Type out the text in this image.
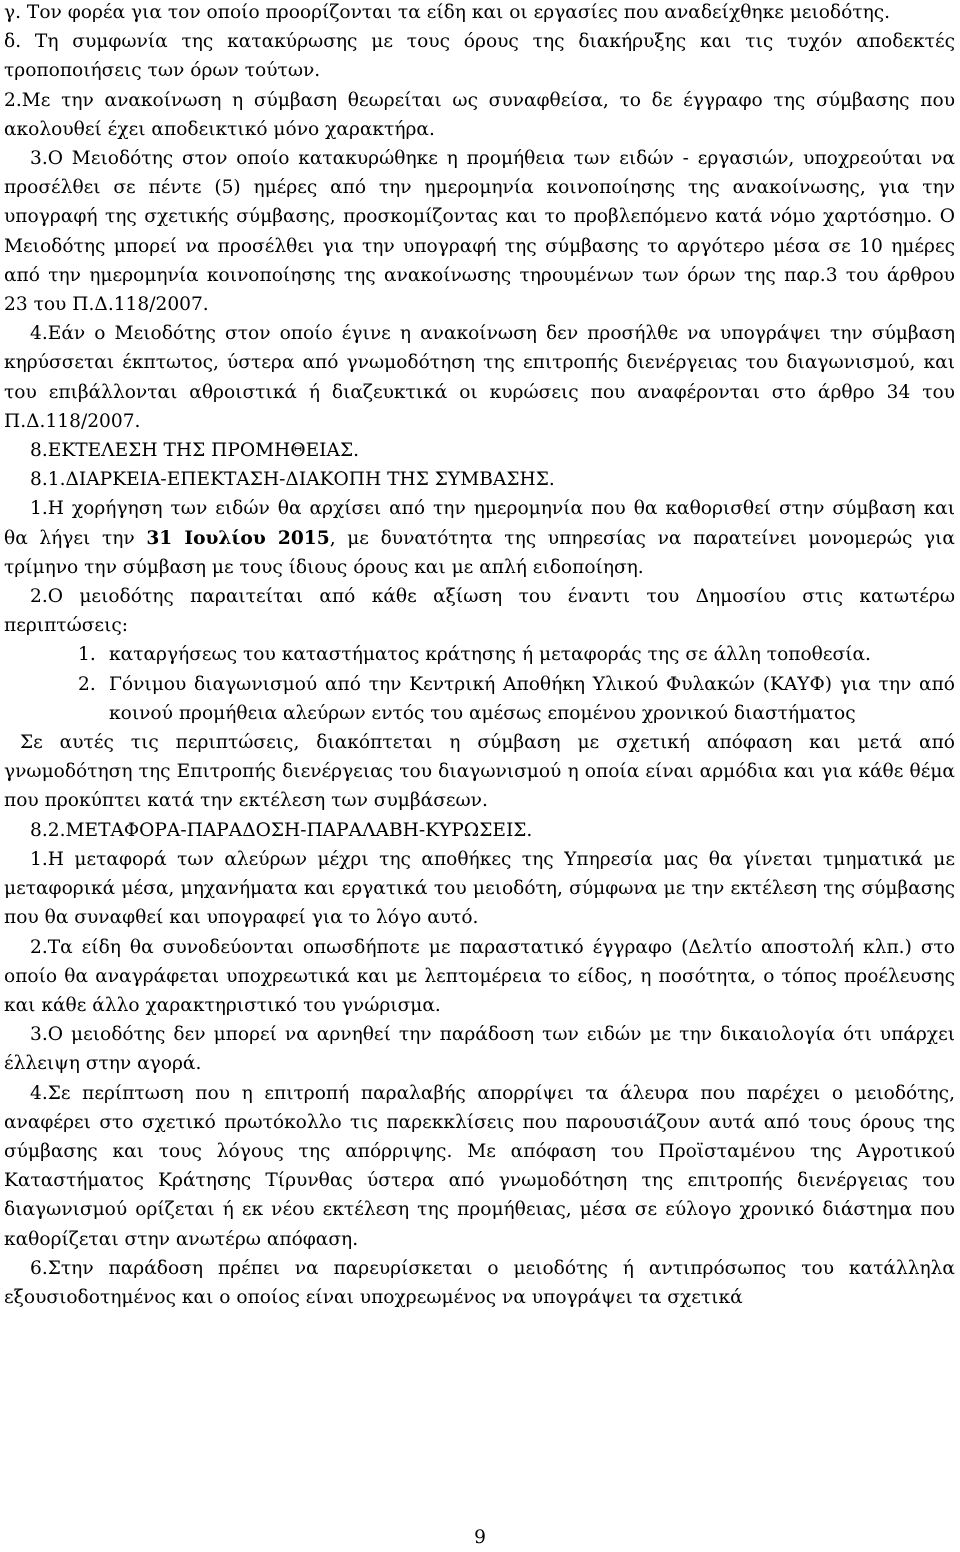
γ. Τον φορέα για τον οποίο προορίζονται τα είδη και οι εργασίες που αναδείχθηκε μειοδότης.

δ. Τη συμφωνία της κατακύρωσης με τους όρους της διακήρυξης και τις τυχόν αποδεκτές τροποποιήσεις των όρων τούτων.

2.Με την ανακοίνωση η σύμβαση θεωρείται ως συναφθείσα, το δε έγγραφο της σύμβασης που ακολουθεί έχει αποδεικτικό μόνο χαρακτήρα.

3.Ο Μειοδότης στον οποίο κατακυρώθηκε η προμήθεια των ειδών - εργασιών, υποχρεούται να προσέλθει σε πέντε (5) ημέρες από την ημερομηνία κοινοποίησης της ανακοίνωσης, για την υπογραφή της σχετικής σύμβασης, προσκομίζοντας και το προβλεπόμενο κατά νόμο χαρτόσημο. Ο Μειοδότης μπορεί να προσέλθει για την υπογραφή της σύμβασης το αργότερο μέσα σε 10 ημέρες από την ημερομηνία κοινοποίησης της ανακοίνωσης τηρουμένων των όρων της παρ.3 του άρθρου 23 του Π.Δ.118/2007.

4.Εάν ο Μειοδότης στον οποίο έγινε η ανακοίνωση δεν προσήλθε να υπογράψει την σύμβαση κηρύσσεται έκπτωτος, ύστερα από γνωμοδότηση της επιτροπής διενέργειας του διαγωνισμού, και του επιβάλλονται αθροιστικά ή διαζευκτικά οι κυρώσεις που αναφέρονται στο άρθρο 34 του Π.Δ.118/2007.

8.ΕΚΤΕΛΕΣΗ ΤΗΣ ΠΡΟΜΗΘΕΙΑΣ.

8.1.ΔΙΑΡΚΕΙΑ-ΕΠΕΚΤΑΣΗ-ΔΙΑΚΟΠΗ ΤΗΣ ΣΥΜΒΑΣΗΣ.

1.Η χορήγηση των ειδών θα αρχίσει από την ημερομηνία που θα καθορισθεί στην σύμβαση και θα λήγει την 31 Ιουλίου 2015, με δυνατότητα της υπηρεσίας να παρατείνει μονομερώς για τρίμηνο την σύμβαση με τους ίδιους όρους και με απλή ειδοποίηση.

2.Ο μειοδότης παραιτείται από κάθε αξίωση του έναντι του Δημοσίου στις κατωτέρω περιπτώσεις:

1. καταργήσεως του καταστήματος κράτησης ή μεταφοράς της σε άλλη τοποθεσία.
2. Γόνιμου διαγωνισμού από την Κεντρική Αποθήκη Υλικού Φυλακών (ΚΑΥΦ) για την από κοινού προμήθεια αλεύρων εντός του αμέσως επομένου χρονικού διαστήματος

Σε αυτές τις περιπτώσεις, διακόπτεται η σύμβαση με σχετική απόφαση και μετά από γνωμοδότηση της Επιτροπής διενέργειας του διαγωνισμού η οποία είναι αρμόδια και για κάθε θέμα που προκύπτει κατά την εκτέλεση των συμβάσεων.

8.2.ΜΕΤΑΦΟΡΑ-ΠΑΡΑΔΟΣΗ-ΠΑΡΑΛΑΒΗ-ΚΥΡΩΣΕΙΣ.

1.Η μεταφορά των αλεύρων μέχρι της αποθήκες της Υπηρεσία μας θα γίνεται τμηματικά με μεταφορικά μέσα, μηχανήματα και εργατικά του μειοδότη, σύμφωνα με την εκτέλεση της σύμβασης που θα συναφθεί και υπογραφεί για το λόγο αυτό.

2.Τα είδη θα συνοδεύονται οπωσδήποτε με παραστατικό έγγραφο (Δελτίο αποστολή κλπ.) στο οποίο θα αναγράφεται υποχρεωτικά και με λεπτομέρεια το είδος, η ποσότητα, ο τόπος προέλευσης και κάθε άλλο χαρακτηριστικό του γνώρισμα.

3.Ο μειοδότης δεν μπορεί να αρνηθεί την παράδοση των ειδών με την δικαιολογία ότι υπάρχει έλλειψη στην αγορά.

4.Σε περίπτωση που η επιτροπή παραλαβής απορρίψει τα άλευρα που παρέχει ο μειοδότης, αναφέρει στο σχετικό πρωτόκολλο τις παρεκκλίσεις που παρουσιάζουν αυτά από τους όρους της σύμβασης και τους λόγους της απόρριψης. Με απόφαση του Προϊσταμένου της Αγροτικού Καταστήματος Κράτησης Τίρυνθας ύστερα από γνωμοδότηση της επιτροπής διενέργειας του διαγωνισμού ορίζεται ή εκ νέου εκτέλεση της προμήθειας, μέσα σε εύλογο χρονικό διάστημα που καθορίζεται στην ανωτέρω απόφαση.

6.Στην παράδοση πρέπει να παρευρίσκεται ο μειοδότης ή αντιπρόσωπος του κατάλληλα εξουσιοδοτημένος και ο οποίος είναι υποχρεωμένος να υπογράψει τα σχετικά

9
